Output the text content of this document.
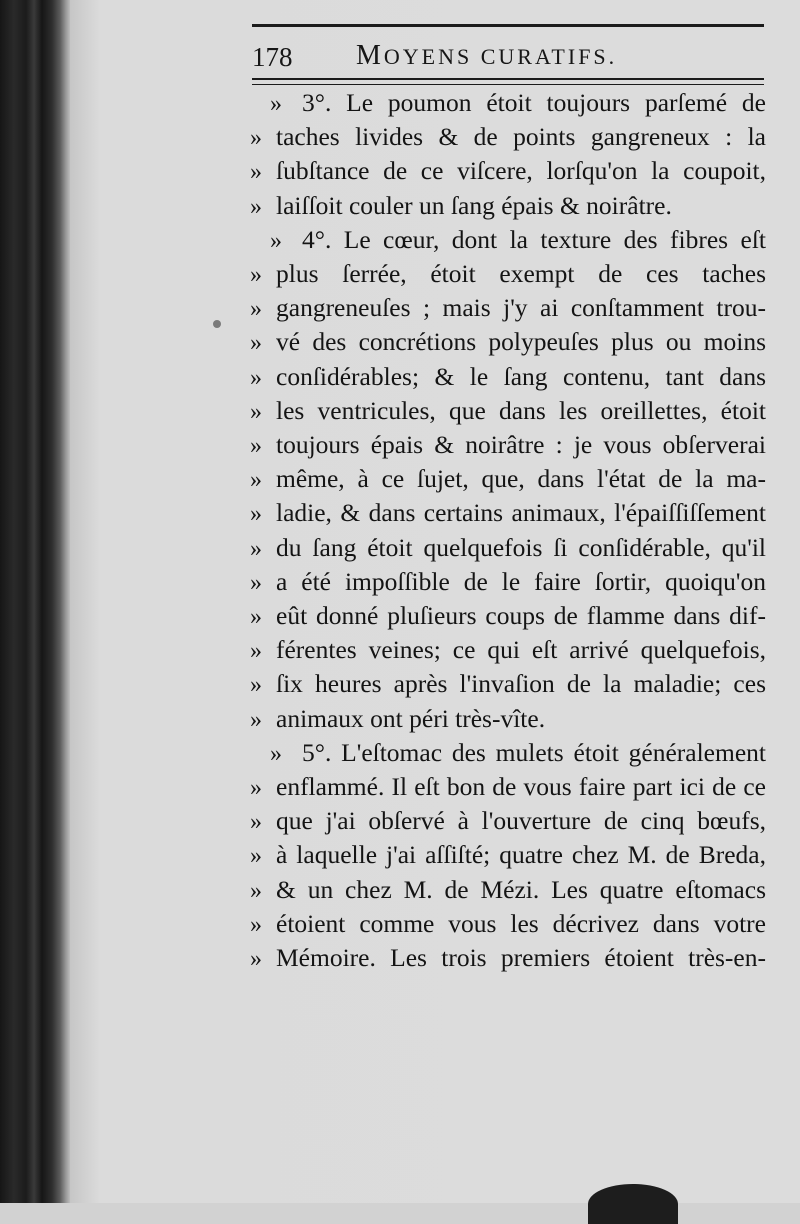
178 MOYENS CURATIFS.
» 3°. Le poumon étoit toujours parſemé de
» taches livides & de points gangreneux : la
» ſubſtance de ce viſcere, lorſqu'on la coupoit,
» laiſſoit couler un ſang épais & noirâtre.
» 4°. Le cœur, dont la texture des fibres eſt
» plus ſerrée, étoit exempt de ces taches
» gangreneuſes ; mais j'y ai conſtamment trou-
» vé des concrétions polypeuſes plus ou moins
» conſidérables; & le ſang contenu, tant dans
» les ventricules, que dans les oreillettes, étoit
» toujours épais & noirâtre : je vous obſerverai
» même, à ce ſujet, que, dans l'état de la ma-
» ladie, & dans certains animaux, l'épaiſſiſſement
» du ſang étoit quelquefois ſi conſidérable, qu'il
» a été impoſſible de le faire ſortir, quoiqu'on
» eût donné pluſieurs coups de flamme dans dif-
» férentes veines; ce qui eſt arrivé quelquefois,
» ſix heures après l'invaſion de la maladie; ces
» animaux ont péri très-vîte.
» 5°. L'eſtomac des mulets étoit généralement
» enflammé. Il eſt bon de vous faire part ici de ce
» que j'ai obſervé à l'ouverture de cinq bœufs,
» à laquelle j'ai aſſiſté; quatre chez M. de Breda,
» & un chez M. de Mézi. Les quatre eſtomacs
» étoient comme vous les décrivez dans votre
» Mémoire. Les trois premiers étoient très-en-
